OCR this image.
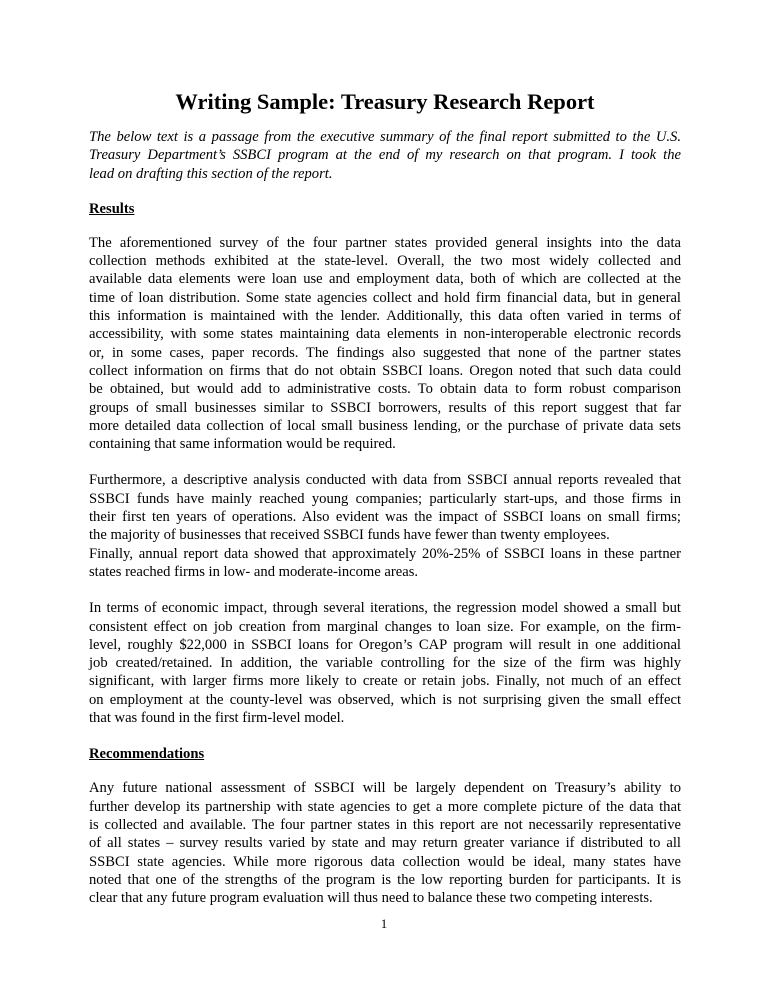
Writing Sample: Treasury Research Report
The below text is a passage from the executive summary of the final report submitted to the U.S.
Treasury Department’s SSBCI program at the end of my research on that program. I took the
lead on drafting this section of the report.
Results
The aforementioned survey of the four partner states provided general insights into the data
collection methods exhibited at the state-level. Overall, the two most widely collected and
available data elements were loan use and employment data, both of which are collected at the
time of loan distribution. Some state agencies collect and hold firm financial data, but in general
this information is maintained with the lender. Additionally, this data often varied in terms of
accessibility, with some states maintaining data elements in non-interoperable electronic records
or, in some cases, paper records. The findings also suggested that none of the partner states
collect information on firms that do not obtain SSBCI loans. Oregon noted that such data could
be obtained, but would add to administrative costs. To obtain data to form robust comparison
groups of small businesses similar to SSBCI borrowers, results of this report suggest that far
more detailed data collection of local small business lending, or the purchase of private data sets
containing that same information would be required.
Furthermore, a descriptive analysis conducted with data from SSBCI annual reports revealed that
SSBCI funds have mainly reached young companies; particularly start-ups, and those firms in
their first ten years of operations. Also evident was the impact of SSBCI loans on small firms;
the majority of businesses that received SSBCI funds have fewer than twenty employees.
Finally, annual report data showed that approximately 20%-25% of SSBCI loans in these partner
states reached firms in low- and moderate-income areas.
In terms of economic impact, through several iterations, the regression model showed a small but
consistent effect on job creation from marginal changes to loan size. For example, on the firm-
level, roughly $22,000 in SSBCI loans for Oregon’s CAP program will result in one additional
job created/retained. In addition, the variable controlling for the size of the firm was highly
significant, with larger firms more likely to create or retain jobs. Finally, not much of an effect
on employment at the county-level was observed, which is not surprising given the small effect
that was found in the first firm-level model.
Recommendations
Any future national assessment of SSBCI will be largely dependent on Treasury’s ability to
further develop its partnership with state agencies to get a more complete picture of the data that
is collected and available. The four partner states in this report are not necessarily representative
of all states – survey results varied by state and may return greater variance if distributed to all
SSBCI state agencies. While more rigorous data collection would be ideal, many states have
noted that one of the strengths of the program is the low reporting burden for participants. It is
clear that any future program evaluation will thus need to balance these two competing interests.
1
